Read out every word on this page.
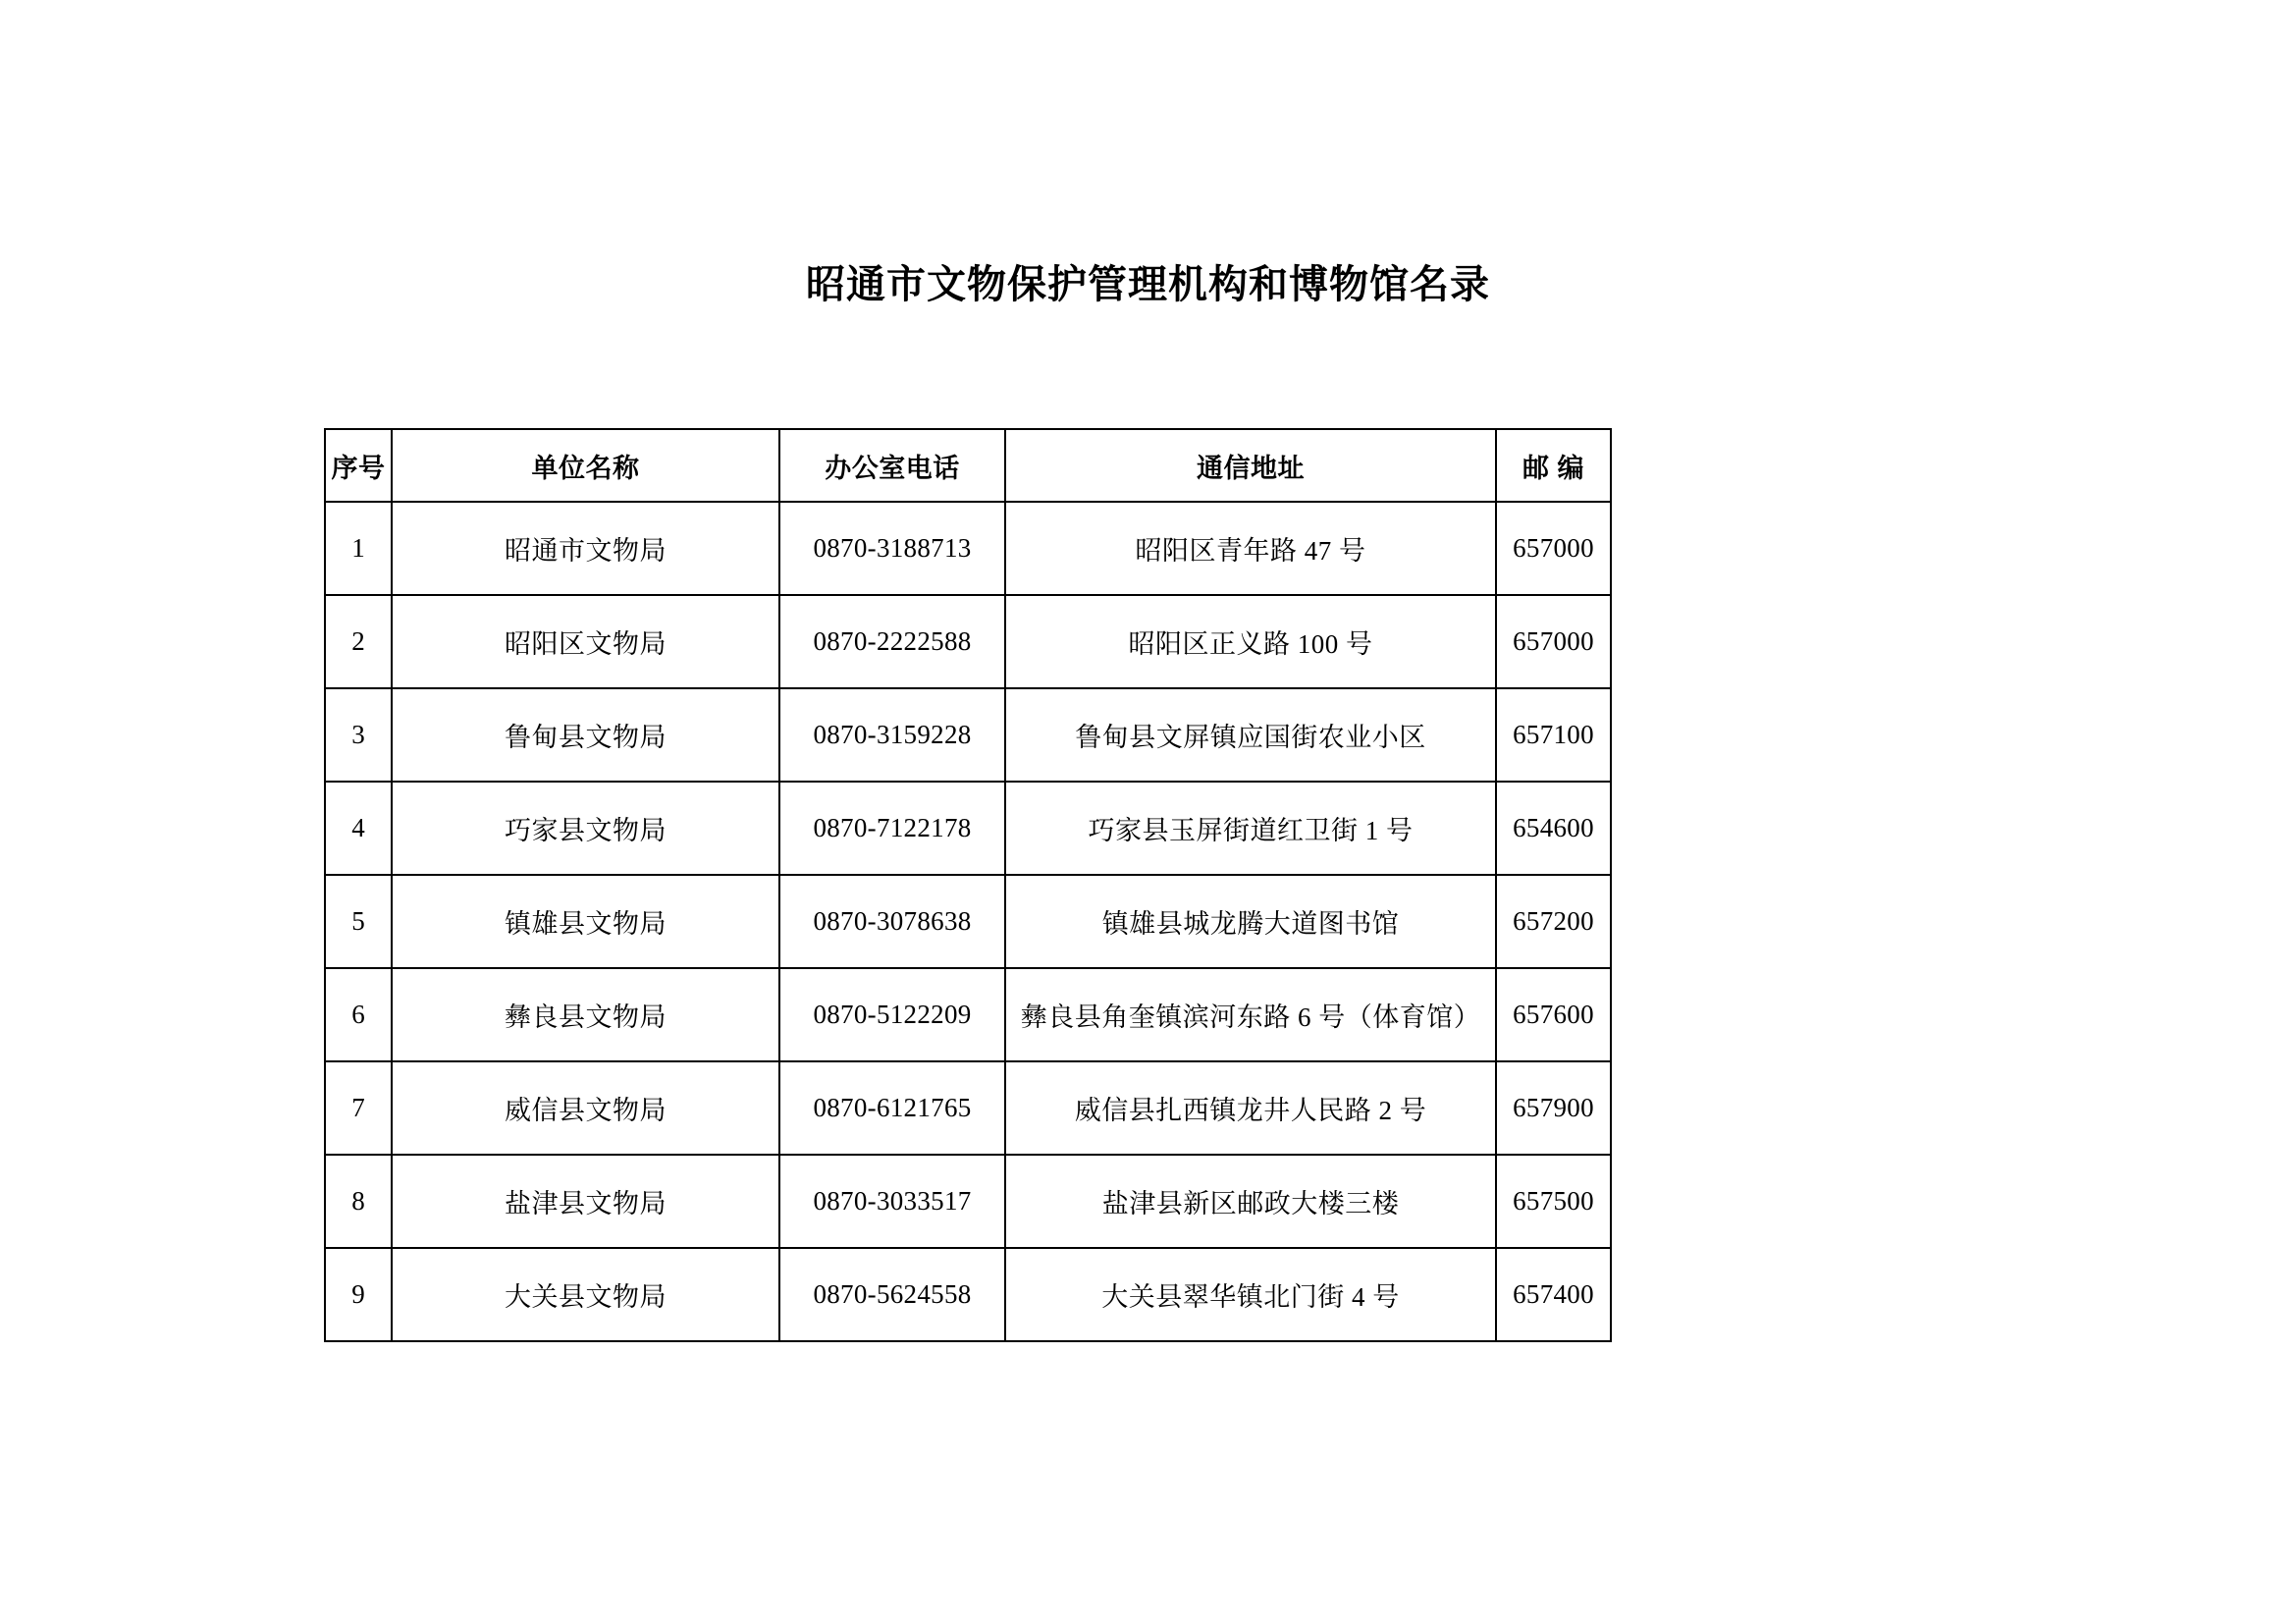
昭通市文物保护管理机构和博物馆名录
序号	单位名称	办公室电话	通信地址	邮 编
1	昭通市文物局	0870-3188713	昭阳区青年路 47 号	657000
2	昭阳区文物局	0870-2222588	昭阳区正义路 100 号	657000
3	鲁甸县文物局	0870-3159228	鲁甸县文屏镇应国街农业小区	657100
4	巧家县文物局	0870-7122178	巧家县玉屏街道红卫街 1 号	654600
5	镇雄县文物局	0870-3078638	镇雄县城龙腾大道图书馆	657200
6	彝良县文物局	0870-5122209	彝良县角奎镇滨河东路 6 号（体育馆）	657600
7	威信县文物局	0870-6121765	威信县扎西镇龙井人民路 2 号	657900
8	盐津县文物局	0870-3033517	盐津县新区邮政大楼三楼	657500
9	大关县文物局	0870-5624558	大关县翠华镇北门街 4 号	657400
